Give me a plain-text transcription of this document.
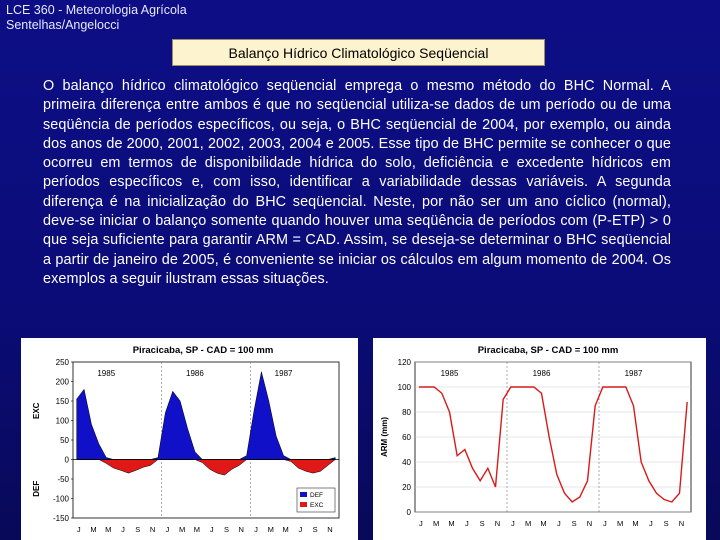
LCE 360 - Meteorologia Agrícola
Sentelhas/Angelocci
Balanço Hídrico Climatológico Seqüencial
O balanço hídrico climatológico seqüencial emprega o mesmo método do BHC Normal. A primeira diferença entre ambos é que no seqüencial utiliza-se dados de um período ou de uma seqüência de períodos específicos, ou seja, o BHC seqüencial de 2004, por exemplo, ou ainda dos anos de 2000, 2001, 2002, 2003, 2004 e 2005. Esse tipo de BHC permite se conhecer o que ocorreu em termos de disponibilidade hídrica do solo, deficiência e excedente hídricos em períodos específicos e, com isso, identificar a variabilidade dessas variáveis. A segunda diferença é na inicialização do BHC seqüencial. Neste, por não ser um ano cíclico (normal), deve-se iniciar o balanço somente quando houver uma seqüência de períodos com (P-ETP) > 0 que seja suficiente para garantir ARM = CAD. Assim, se deseja-se determinar o BHC seqüencial a partir de janeiro de 2005, é conveniente se iniciar os cálculos em algum momento de 2004. Os exemplos a seguir ilustram essas situações.
Piracicaba, SP - CAD = 100 mm
250
200
150
100
50
0
-50
-100
-150
1985	1986	1987
J M M J S N J M M J S N J M M J S N
EXC
DEF	DEF
EXC
Piracicaba, SP - CAD = 100 mm
120
100
80
60
40
20
0
1985	1986	1987
J M M J S N J M M J S N J M M J S N
ARM (mm)
